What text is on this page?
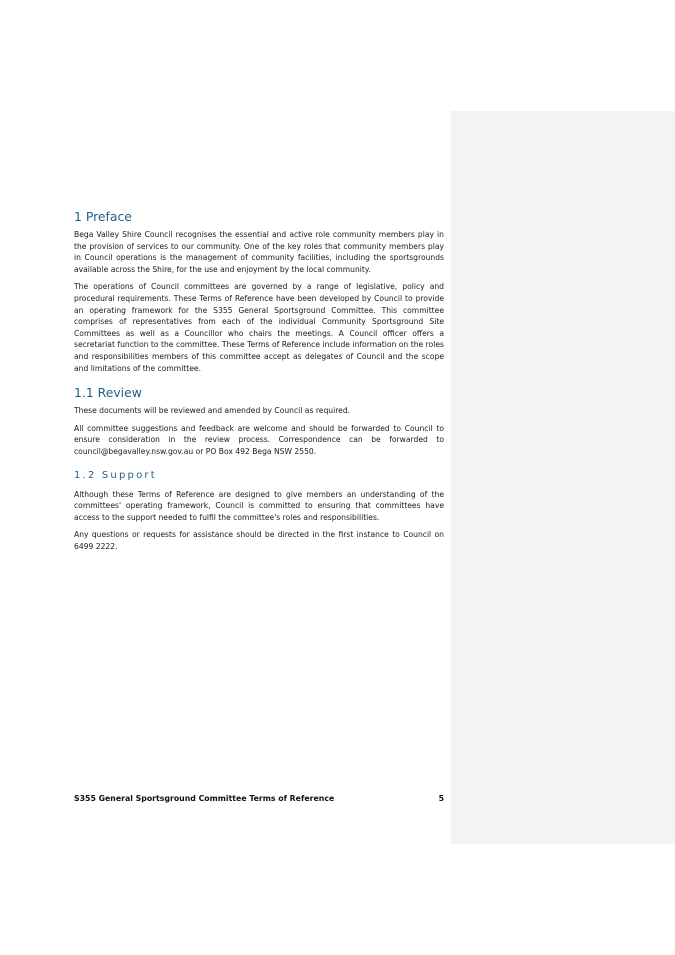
1 Preface

Bega Valley Shire Council recognises the essential and active role community members play in the provision of services to our community. One of the key roles that community members play in Council operations is the management of community facilities, including the sportsgrounds available across the Shire, for the use and enjoyment by the local community.

The operations of Council committees are governed by a range of legislative, policy and procedural requirements. These Terms of Reference have been developed by Council to provide an operating framework for the S355 General Sportsground Committee. This committee comprises of representatives from each of the individual Community Sportsground Site Committees as well as a Councillor who chairs the meetings. A Council officer offers a secretariat function to the committee. These Terms of Reference include information on the roles and responsibilities members of this committee accept as delegates of Council and the scope and limitations of the committee.

1.1 Review

These documents will be reviewed and amended by Council as required.

All committee suggestions and feedback are welcome and should be forwarded to Council to ensure consideration in the review process. Correspondence can be forwarded to council@begavalley.nsw.gov.au or PO Box 492 Bega NSW 2550.

1.2 Support

Although these Terms of Reference are designed to give members an understanding of the committees' operating framework, Council is committed to ensuring that committees have access to the support needed to fulfil the committee's roles and responsibilities.

Any questions or requests for assistance should be directed in the first instance to Council on 6499 2222.

S355 General Sportsground Committee Terms of Reference	5
